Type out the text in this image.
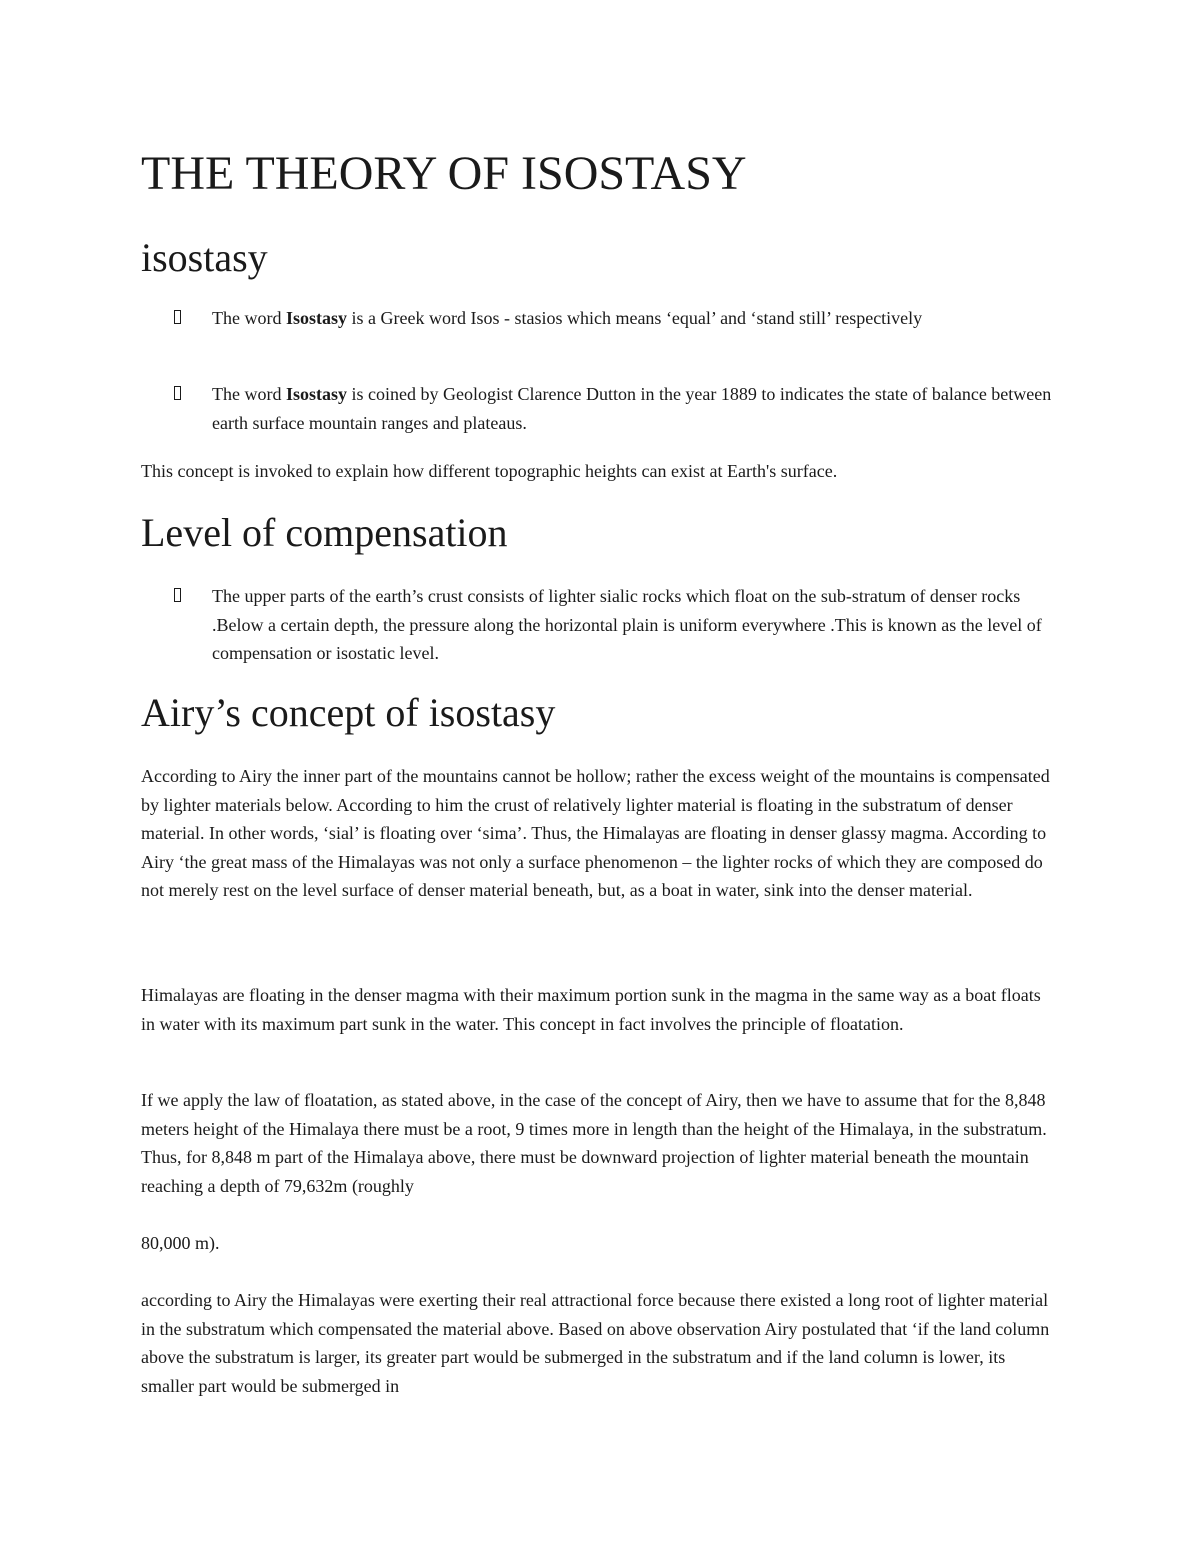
THE THEORY OF ISOSTASY
isostasy
The word Isostasy is a Greek word Isos - stasios which means ‘equal’ and ‘stand still’ respectively
The word Isostasy is coined by Geologist Clarence Dutton in the year 1889 to indicates the state of balance between earth surface mountain ranges and plateaus.

This concept is invoked to explain how different topographic heights can exist at Earth's surface.

Level of compensation
The upper parts of the earth’s crust consists of lighter sialic rocks which float on the sub-stratum of denser rocks .Below a certain depth, the pressure along the horizontal plain is uniform everywhere .This is known as the level of compensation or isostatic level.
Airy’s concept of isostasy

According to Airy the inner part of the mountains cannot be hollow; rather the excess weight of the mountains is compensated by lighter materials below. According to him the crust of relatively lighter material is floating in the substratum of denser material. In other words, ‘sial’ is floating over ‘sima’. Thus, the Himalayas are floating in denser glassy magma. According to Airy ‘the great mass of the Himalayas was not only a surface phenomenon – the lighter rocks of which they are composed do not merely rest on the level surface of denser material beneath, but, as a boat in water, sink into the denser material.

Himalayas are floating in the denser magma with their maximum portion sunk in the magma in the same way as a boat floats in water with its maximum part sunk in the water. This concept in fact involves the principle of floatation.

If we apply the law of floatation, as stated above, in the case of the concept of Airy, then we have to assume that for the 8,848 meters height of the Himalaya there must be a root, 9 times more in length than the height of the Himalaya, in the substratum. Thus, for 8,848 m part of the Himalaya above, there must be downward projection of lighter material beneath the mountain reaching a depth of 79,632m (roughly

80,000 m).

according to Airy the Himalayas were exerting their real attractional force because there existed a long root of lighter material in the substratum which compensated the material above. Based on above observation Airy postulated that ‘if the land column above the substratum is larger, its greater part would be submerged in the substratum and if the land column is lower, its smaller part would be submerged in
